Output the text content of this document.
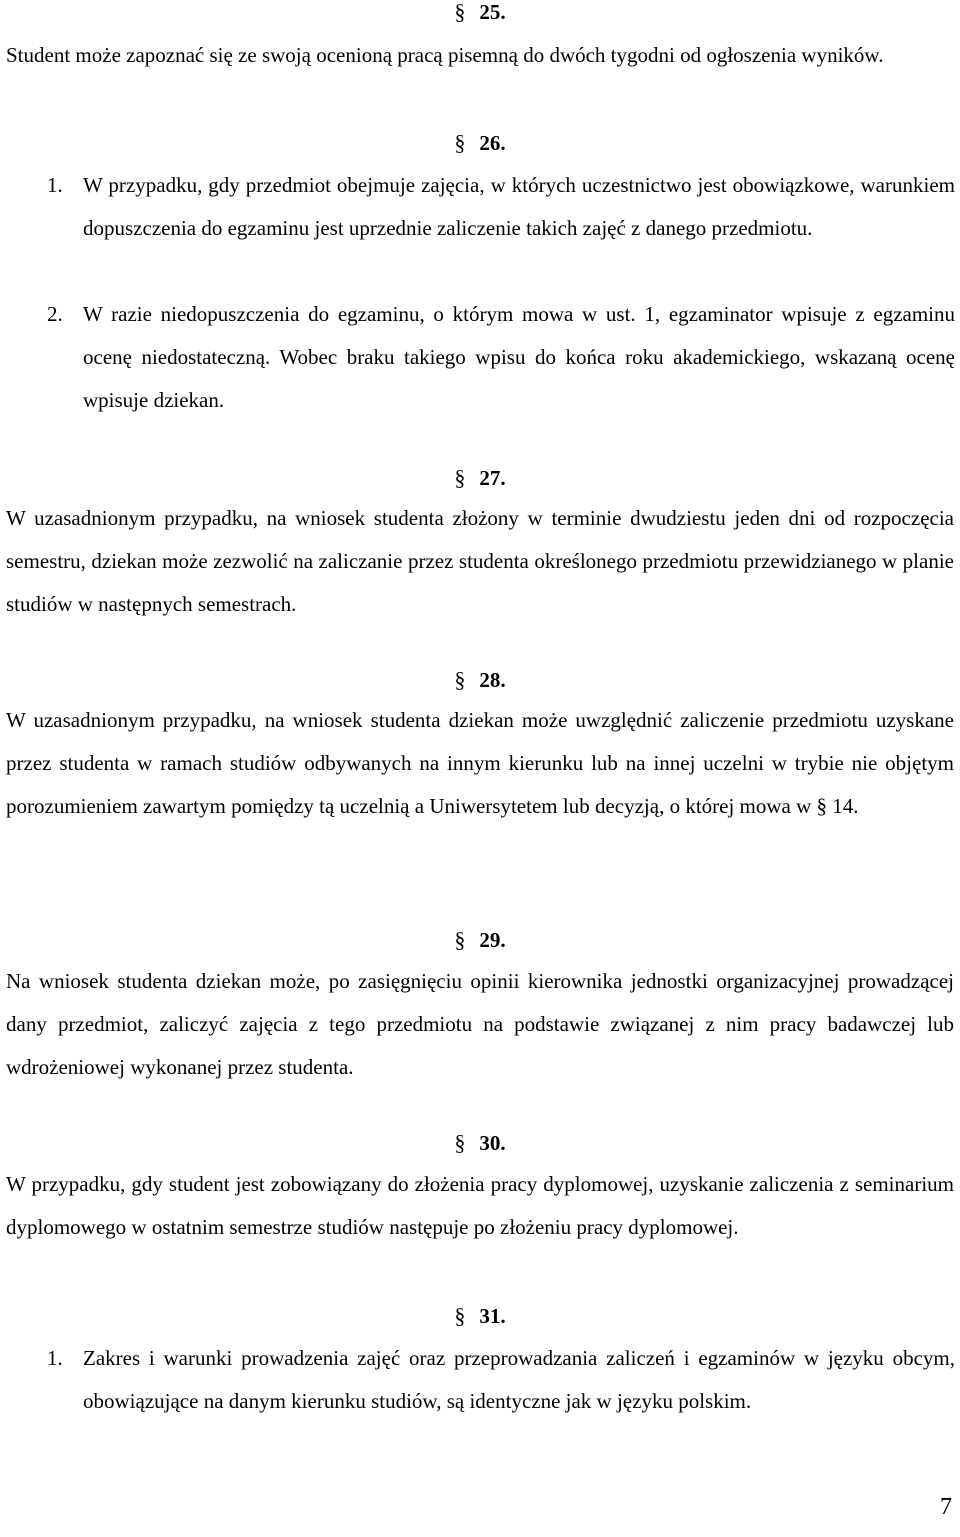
§ 25.
Student może zapoznać się ze swoją ocenioną pracą pisemną do dwóch tygodni od ogłoszenia wyników.
§ 26.
1. W przypadku, gdy przedmiot obejmuje zajęcia, w których uczestnictwo jest obowiązkowe, warunkiem dopuszczenia do egzaminu jest uprzednie zaliczenie takich zajęć z danego przedmiotu.
2. W razie niedopuszczenia do egzaminu, o którym mowa w ust. 1, egzaminator wpisuje z egzaminu ocenę niedostateczną. Wobec braku takiego wpisu do końca roku akademickiego, wskazaną ocenę wpisuje dziekan.
§ 27.
W uzasadnionym przypadku, na wniosek studenta złożony w terminie dwudziestu jeden dni od rozpoczęcia semestru, dziekan może zezwolić na zaliczanie przez studenta określonego przedmiotu przewidzianego w planie studiów w następnych semestrach.
§ 28.
W uzasadnionym przypadku, na wniosek studenta dziekan może uwzględnić zaliczenie przedmiotu uzyskane przez studenta w ramach studiów odbywanych na innym kierunku lub na innej uczelni w trybie nie objętym porozumieniem zawartym pomiędzy tą uczelnią a Uniwersytetem lub decyzją, o której mowa w § 14.
§ 29.
Na wniosek studenta dziekan może, po zasięgnięciu opinii kierownika jednostki organizacyjnej prowadzącej dany przedmiot, zaliczyć zajęcia z tego przedmiotu na podstawie związanej z nim pracy badawczej lub wdrożeniowej wykonanej przez studenta.
§ 30.
W przypadku, gdy student jest zobowiązany do złożenia pracy dyplomowej, uzyskanie zaliczenia z seminarium dyplomowego w ostatnim semestrze studiów następuje po złożeniu pracy dyplomowej.
§ 31.
1. Zakres i warunki prowadzenia zajęć oraz przeprowadzania zaliczeń i egzaminów w języku obcym, obowiązujące na danym kierunku studiów, są identyczne jak w języku polskim.
7
